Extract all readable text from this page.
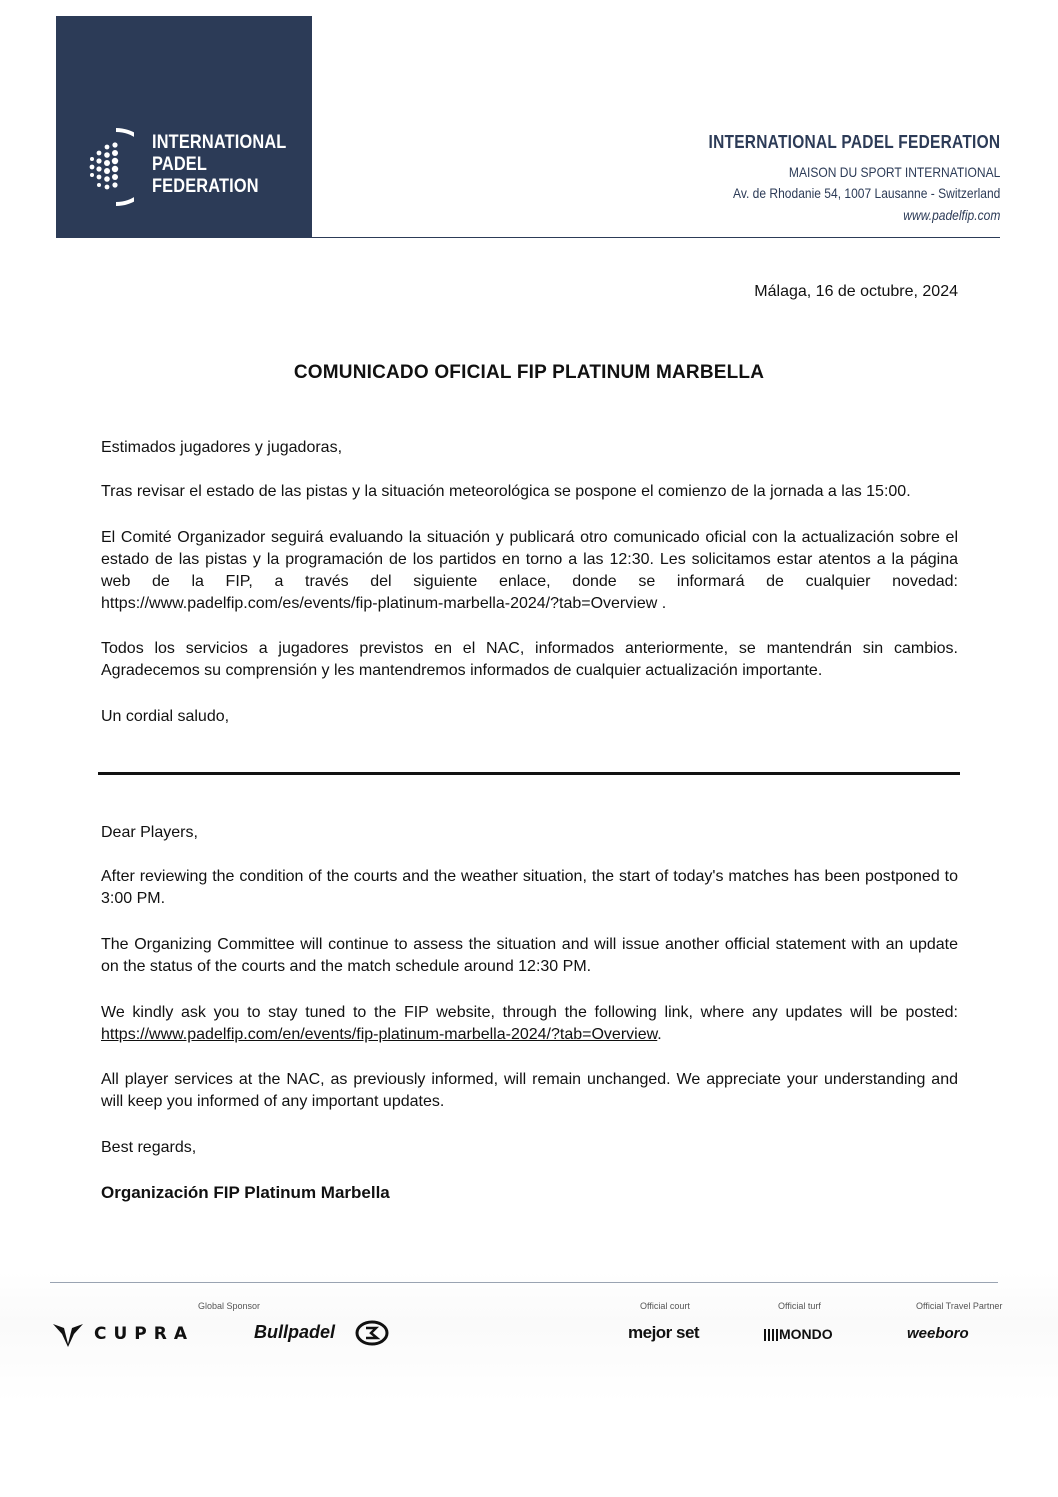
INTERNATIONAL
PADEL
FEDERATION
INTERNATIONAL PADEL FEDERATION
MAISON DU SPORT INTERNATIONAL
Av. de Rhodanie 54, 1007 Lausanne - Switzerland
www.padelfip.com
Málaga, 16 de octubre, 2024
COMUNICADO OFICIAL FIP PLATINUM MARBELLA

Estimados jugadores y jugadoras,

Tras revisar el estado de las pistas y la situación meteorológica se pospone el comienzo de la jornada a las 15:00.

El Comité Organizador seguirá evaluando la situación y publicará otro comunicado oficial con la actualización sobre el estado de las pistas y la programación de los partidos en torno a las 12:30. Les solicitamos estar atentos a la página web de la FIP, a través del siguiente enlace, donde se informará de cualquier novedad: https://www.padelfip.com/es/events/fip-platinum-marbella-2024/?tab=Overview .

Todos los servicios a jugadores previstos en el NAC, informados anteriormente, se mantendrán sin cambios. Agradecemos su comprensión y les mantendremos informados de cualquier actualización importante.

Un cordial saludo,

Dear Players,

After reviewing the condition of the courts and the weather situation, the start of today's matches has been postponed to 3:00 PM.

The Organizing Committee will continue to assess the situation and will issue another official statement with an update on the status of the courts and the match schedule around 12:30 PM.

We kindly ask you to stay tuned to the FIP website, through the following link, where any updates will be posted: https://www.padelfip.com/en/events/fip-platinum-marbella-2024/?tab=Overview.

All player services at the NAC, as previously informed, will remain unchanged. We appreciate your understanding and will keep you informed of any important updates.

Best regards,

Organización FIP Platinum Marbella
Global Sponsor
CUPRA	Bullpadel
Official court
mejor set
Official turf
MONDO
Official Travel Partner
weeboro
